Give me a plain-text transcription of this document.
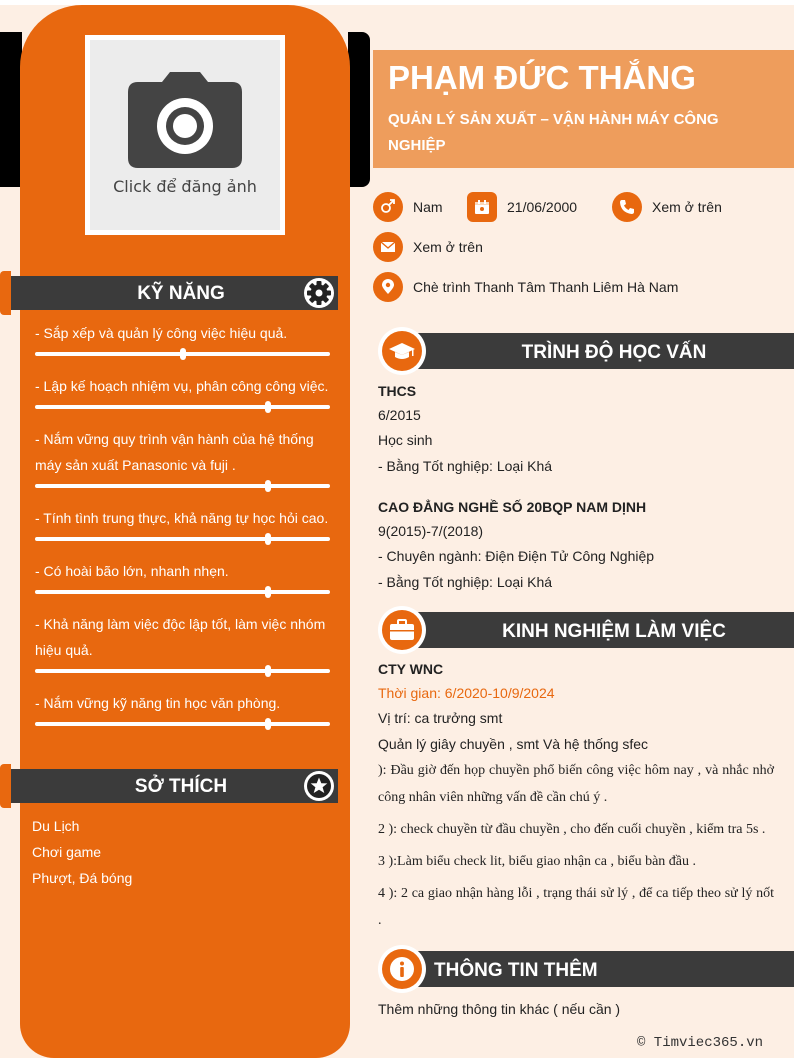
Click để đăng ảnh
KỸ NĂNG
- Sắp xếp và quản lý công việc hiệu quả.
- Lập kế hoạch nhiệm vụ, phân công công việc.
- Nắm vững quy trình vận hành của hệ thống máy sản xuất Panasonic và fuji .
- Tính tình trung thực, khả năng tự học hỏi cao.
- Có hoài bão lớn, nhanh nhẹn.
- Khả năng làm việc độc lập tốt, làm việc nhóm hiệu quả.
- Nắm vững kỹ năng tin học văn phòng.
SỞ THÍCH
Du Lịch
Chơi game
Phượt, Đá bóng
PHẠM ĐỨC THẮNG
QUẢN LÝ SẢN XUẤT – VẬN HÀNH MÁY CÔNG NGHIỆP
Nam	21/06/2000	Xem ở trên
Xem ở trên
Chè trình Thanh Tâm Thanh Liêm Hà Nam
TRÌNH ĐỘ HỌC VẤN
THCS
6/2015
Học sinh
- Bằng Tốt nghiệp: Loại Khá
CAO ĐẲNG NGHỀ SỐ 20BQP NAM DỊNH
9(2015)-7/(2018)
- Chuyên ngành: Điện Điện Tử Công Nghiệp
- Bằng Tốt nghiệp: Loại Khá
KINH NGHIỆM LÀM VIỆC
CTY WNC
Thời gian: 6/2020-10/9/2024
Vị trí: ca trưởng smt
Quản lý giây chuyền , smt Và hệ thống sfec
): Đầu giờ đến họp chuyền phổ biến công việc hôm nay , và nhắc nhở công nhân viên những vấn đề cần chú ý .
2 ): check chuyền từ đầu chuyền , cho đến cuối chuyền , kiểm tra 5s .
3 ):Làm biểu check lit, biểu giao nhận ca , biểu bàn đầu .
4 ): 2 ca giao nhận hàng lỗi , trạng thái sử lý , để ca tiếp theo sử lý nốt .
THÔNG TIN THÊM
Thêm những thông tin khác ( nếu cần )
© Timviec365.vn
